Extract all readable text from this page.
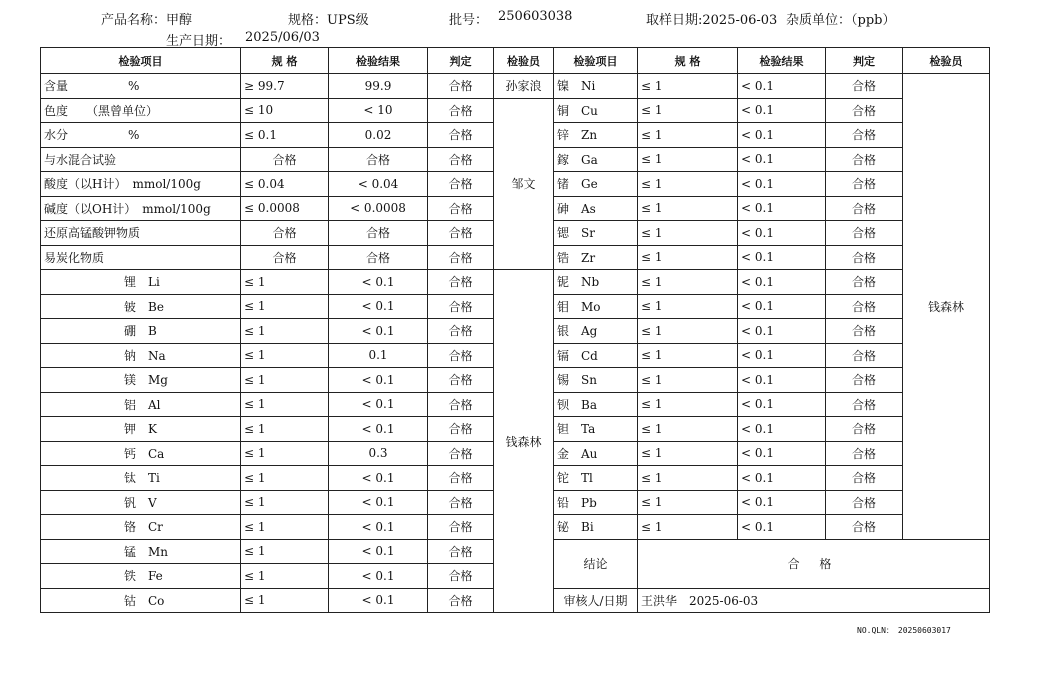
产品名称：甲醇	规格：UPS级	批号： 250603038	取样日期:2025-06-03 杂质单位：（ppb）
生产日期： 2025/06/03
检验项目	规 格	检验结果	判定	检验员	检验项目	规 格	检验结果	判定	检验员
含量　　　　　%	≥ 99.7	99.9	合格	孙家浪	镍　Ni	≤ 1	< 0.1	合格	钱森林
色度　　（黑曾单位）	≤ 10	< 10	合格	邹文	铜　Cu	≤ 1	< 0.1	合格	
水分　　　　　%	≤ 0.1	0.02	合格		锌　Zn	≤ 1	< 0.1	合格	
与水混合试验	合格	合格	合格		鎵　Ga	≤ 1	< 0.1	合格	
酸度（以H计）　mmol/100g	≤ 0.04	< 0.04	合格		锗　Ge	≤ 1	< 0.1	合格	
碱度（以OH计）　mmol/100g	≤ 0.0008	< 0.0008	合格		砷　As	≤ 1	< 0.1	合格	
还原高锰酸钾物质	合格	合格	合格		锶　Sr	≤ 1	< 0.1	合格	
易炭化物质	合格	合格	合格		锆　Zr	≤ 1	< 0.1	合格	
锂　Li	≤ 1	< 0.1	合格	钱森林	铌　Nb	≤ 1	< 0.1	合格	
铍　Be	≤ 1	< 0.1	合格		钼　Mo	≤ 1	< 0.1	合格	
硼　B	≤ 1	< 0.1	合格		银　Ag	≤ 1	< 0.1	合格	
钠　Na	≤ 1	0.1	合格		镉　Cd	≤ 1	< 0.1	合格	
镁　Mg	≤ 1	< 0.1	合格		锡　Sn	≤ 1	< 0.1	合格	
铝　Al	≤ 1	< 0.1	合格		钡　Ba	≤ 1	< 0.1	合格	
钾　K	≤ 1	< 0.1	合格		钽　Ta	≤ 1	< 0.1	合格	
钙　Ca	≤ 1	0.3	合格		金　Au	≤ 1	< 0.1	合格	
钛　Ti	≤ 1	< 0.1	合格		铊　Tl	≤ 1	< 0.1	合格	
钒　V	≤ 1	< 0.1	合格		铅　Pb	≤ 1	< 0.1	合格	
铬　Cr	≤ 1	< 0.1	合格		铋　Bi	≤ 1	< 0.1	合格	
锰　Mn	≤ 1	< 0.1	合格		结论	合 格			
铁　Fe	≤ 1	< 0.1	合格						
钴　Co	≤ 1	< 0.1	合格		审核人/日期	王洪华　2025-06-03			
NO.QLN：　20250603017
